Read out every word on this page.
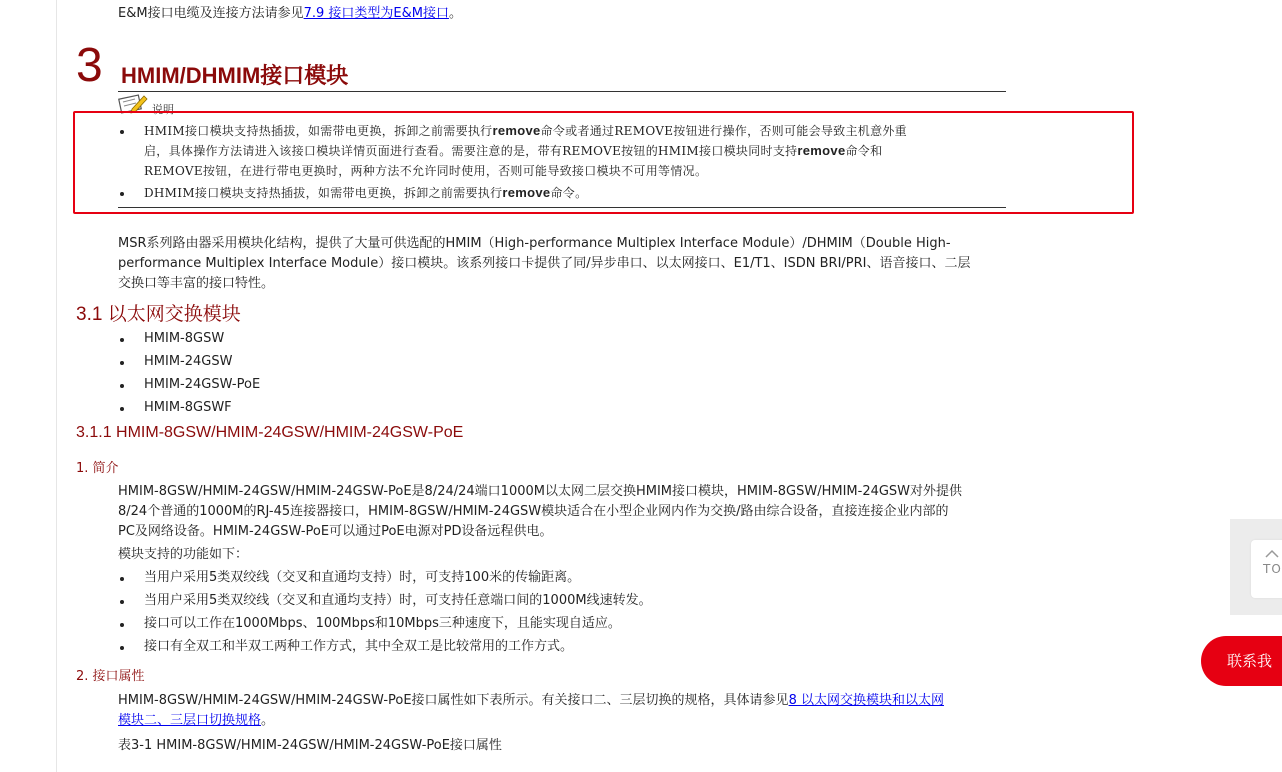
E&M接口电缆及连接方法请参见7.9 接口类型为E&M接口。
3 HMIM/DHMIM接口模块
说明
HMIM接口模块支持热插拔，如需带电更换，拆卸之前需要执行remove命令或者通过REMOVE按钮进行操作，否则可能会导致主机意外重
启，具体操作方法请进入该接口模块详情页面进行查看。需要注意的是，带有REMOVE按钮的HMIM接口模块同时支持remove命令和
REMOVE按钮，在进行带电更换时，两种方法不允许同时使用，否则可能导致接口模块不可用等情况。
DHMIM接口模块支持热插拔，如需带电更换，拆卸之前需要执行remove命令。
MSR系列路由器采用模块化结构，提供了大量可供选配的HMIM（High-performance Multiplex Interface Module）/DHMIM（Double High-
performance Multiplex Interface Module）接口模块。该系列接口卡提供了同/异步串口、以太网接口、E1/T1、ISDN BRI/PRI、语音接口、二层
交换口等丰富的接口特性。
3.1 以太网交换模块
HMIM-8GSW
HMIM-24GSW
HMIM-24GSW-PoE
HMIM-8GSWF
3.1.1 HMIM-8GSW/HMIM-24GSW/HMIM-24GSW-PoE
1. 简介
HMIM-8GSW/HMIM-24GSW/HMIM-24GSW-PoE是8/24/24端口1000M以太网二层交换HMIM接口模块，HMIM-8GSW/HMIM-24GSW对外提供
8/24个普通的1000M的RJ-45连接器接口，HMIM-8GSW/HMIM-24GSW模块适合在小型企业网内作为交换/路由综合设备，直接连接企业内部的
PC及网络设备。HMIM-24GSW-PoE可以通过PoE电源对PD设备远程供电。
模块支持的功能如下：
当用户采用5类双绞线（交叉和直通均支持）时，可支持100米的传输距离。
当用户采用5类双绞线（交叉和直通均支持）时，可支持任意端口间的1000M线速转发。
接口可以工作在1000Mbps、100Mbps和10Mbps三种速度下，且能实现自适应。
接口有全双工和半双工两种工作方式，其中全双工是比较常用的工作方式。
2. 接口属性
HMIM-8GSW/HMIM-24GSW/HMIM-24GSW-PoE接口属性如下表所示。有关接口二、三层切换的规格，具体请参见8 以太网交换模块和以太网
模块二、三层口切换规格。
表3-1 HMIM-8GSW/HMIM-24GSW/HMIM-24GSW-PoE接口属性
TO
联系我
